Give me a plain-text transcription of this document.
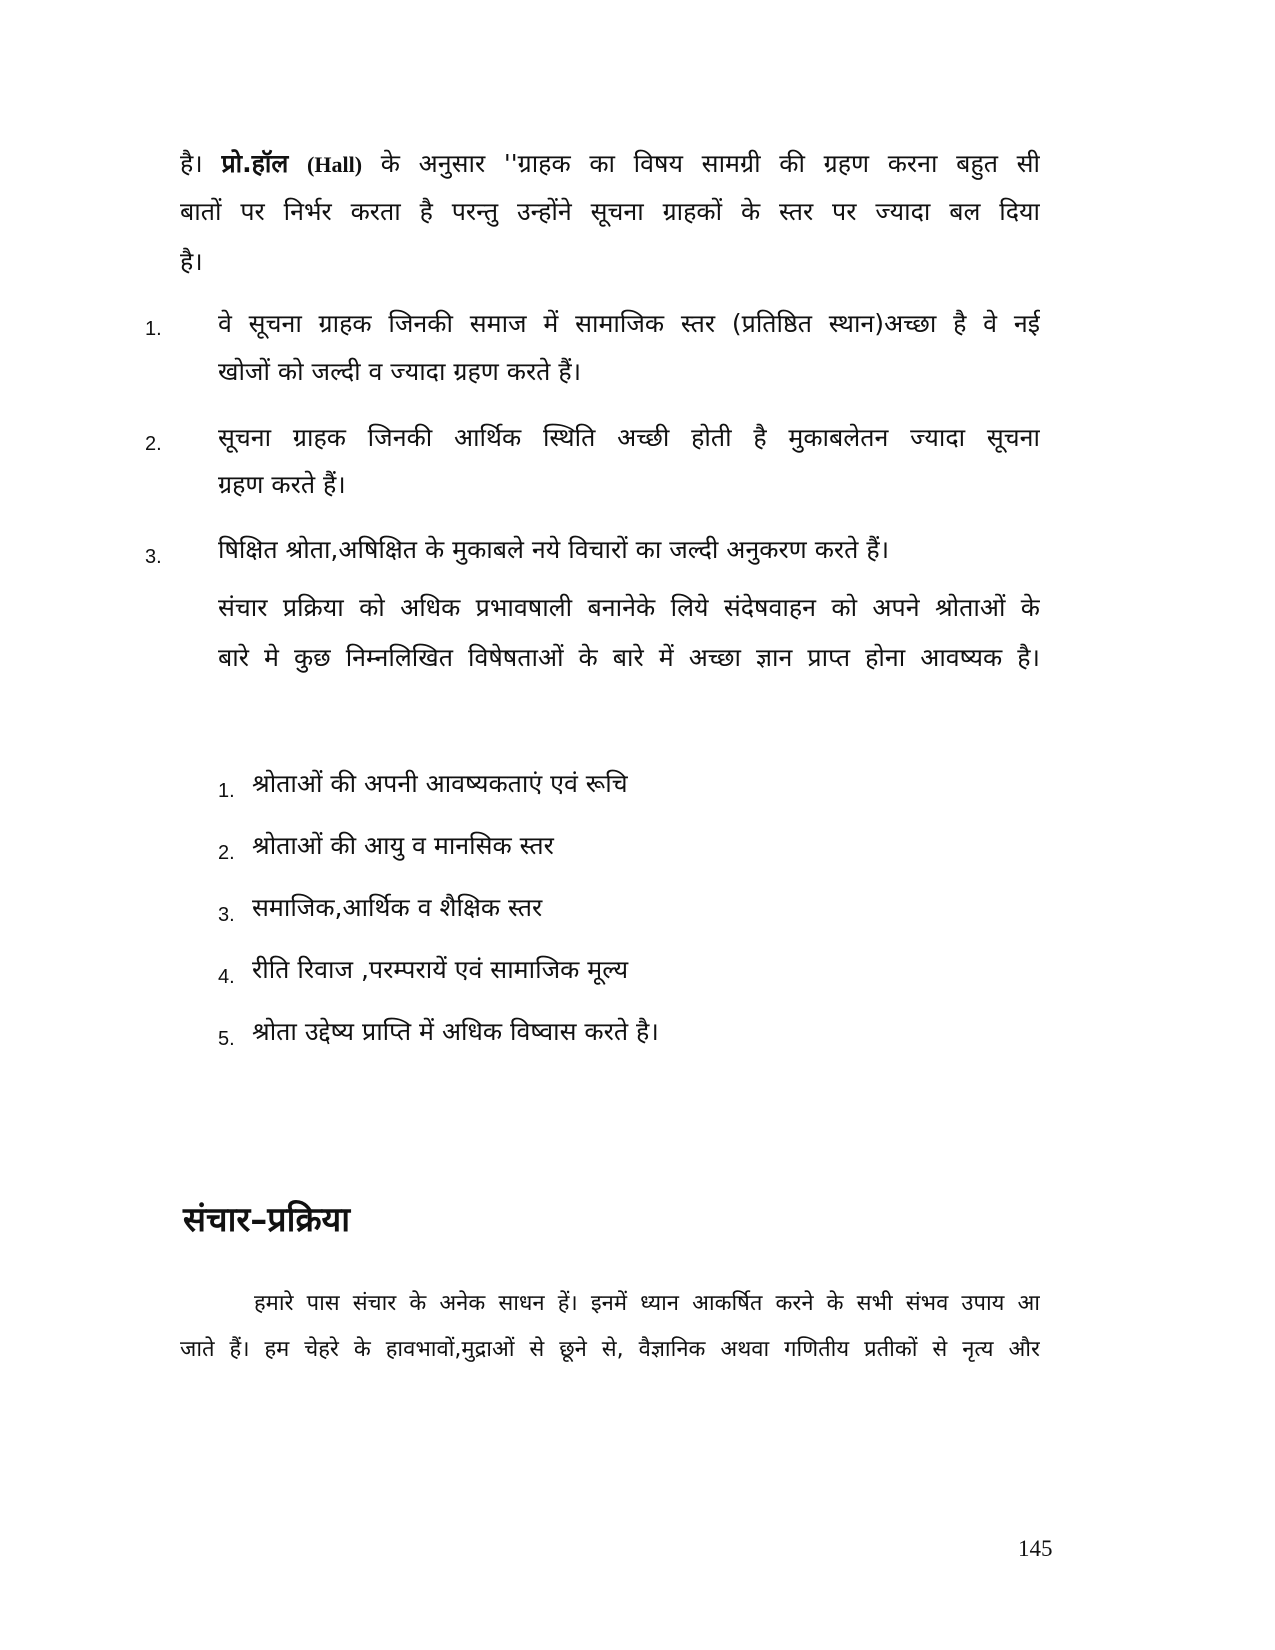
है। प्रो.हॉल (Hall) के अनुसार ''ग्राहक का विषय सामग्री की ग्रहण करना बहुत सी
बातों पर निर्भर करता है परन्तु उन्होंने सूचना ग्राहकों के स्तर पर ज्यादा बल दिया
है।
1. वे सूचना ग्राहक जिनकी समाज में सामाजिक स्तर (प्रतिष्ठित स्थान)अच्छा है वे नई
खोजों को जल्दी व ज्यादा ग्रहण करते हैं।
2. सूचना ग्राहक जिनकी आर्थिक स्थिति अच्छी होती है मुकाबलेतन ज्यादा सूचना
ग्रहण करते हैं।
3. षिक्षित श्रोता,अषिक्षित के मुकाबले नये विचारों का जल्दी अनुकरण करते हैं।
संचार प्रक्रिया को अधिक प्रभावषाली बनानेके लिये संदेषवाहन को अपने श्रोताओं के
बारे मे कुछ निम्नलिखित विषेषताओं के बारे में अच्छा ज्ञान प्राप्त होना आवष्यक है।
1. श्रोताओं की अपनी आवष्यकताएं एवं रूचि
2. श्रोताओं की आयु व मानसिक स्तर
3. समाजिक,आर्थिक व शैक्षिक स्तर
4. रीति रिवाज ,परम्परायें एवं सामाजिक मूल्य
5. श्रोता उद्देष्य प्राप्ति में अधिक विष्वास करते है।
संचार–प्रक्रिया
हमारे पास संचार के अनेक साधन हें। इनमें ध्यान आकर्षित करने के सभी संभव उपाय आ
जाते हैं। हम चेहरे के हावभावों,मुद्राओं से छूने से, वैज्ञानिक अथवा गणितीय प्रतीकों से नृत्य और
145
